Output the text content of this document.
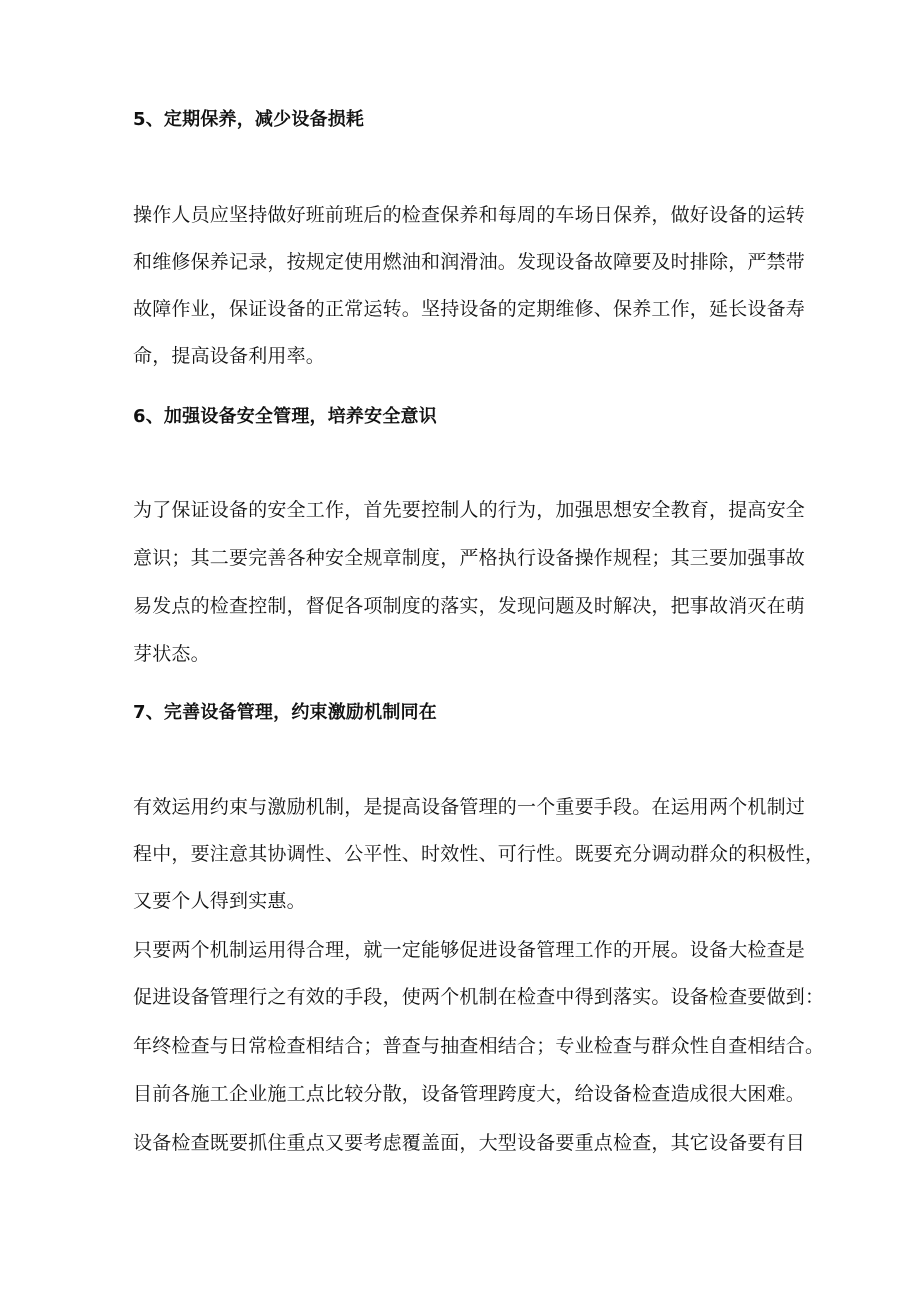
5、定期保养，减少设备损耗
操作人员应坚持做好班前班后的检查保养和每周的车场日保养，做好设备的运转
和维修保养记录，按规定使用燃油和润滑油。发现设备故障要及时排除，严禁带
故障作业，保证设备的正常运转。坚持设备的定期维修、保养工作，延长设备寿
命，提高设备利用率。
6、加强设备安全管理，培养安全意识
为了保证设备的安全工作，首先要控制人的行为，加强思想安全教育，提高安全
意识；其二要完善各种安全规章制度，严格执行设备操作规程；其三要加强事故
易发点的检查控制，督促各项制度的落实，发现问题及时解决，把事故消灭在萌
芽状态。
7、完善设备管理，约束激励机制同在
有效运用约束与激励机制，是提高设备管理的一个重要手段。在运用两个机制过
程中，要注意其协调性、公平性、时效性、可行性。既要充分调动群众的积极性，
又要个人得到实惠。
只要两个机制运用得合理，就一定能够促进设备管理工作的开展。设备大检查是
促进设备管理行之有效的手段，使两个机制在检查中得到落实。设备检查要做到：
年终检查与日常检查相结合；普查与抽查相结合；专业检查与群众性自查相结合。
目前各施工企业施工点比较分散，设备管理跨度大，给设备检查造成很大困难。
设备检查既要抓住重点又要考虑覆盖面，大型设备要重点检查，其它设备要有目
